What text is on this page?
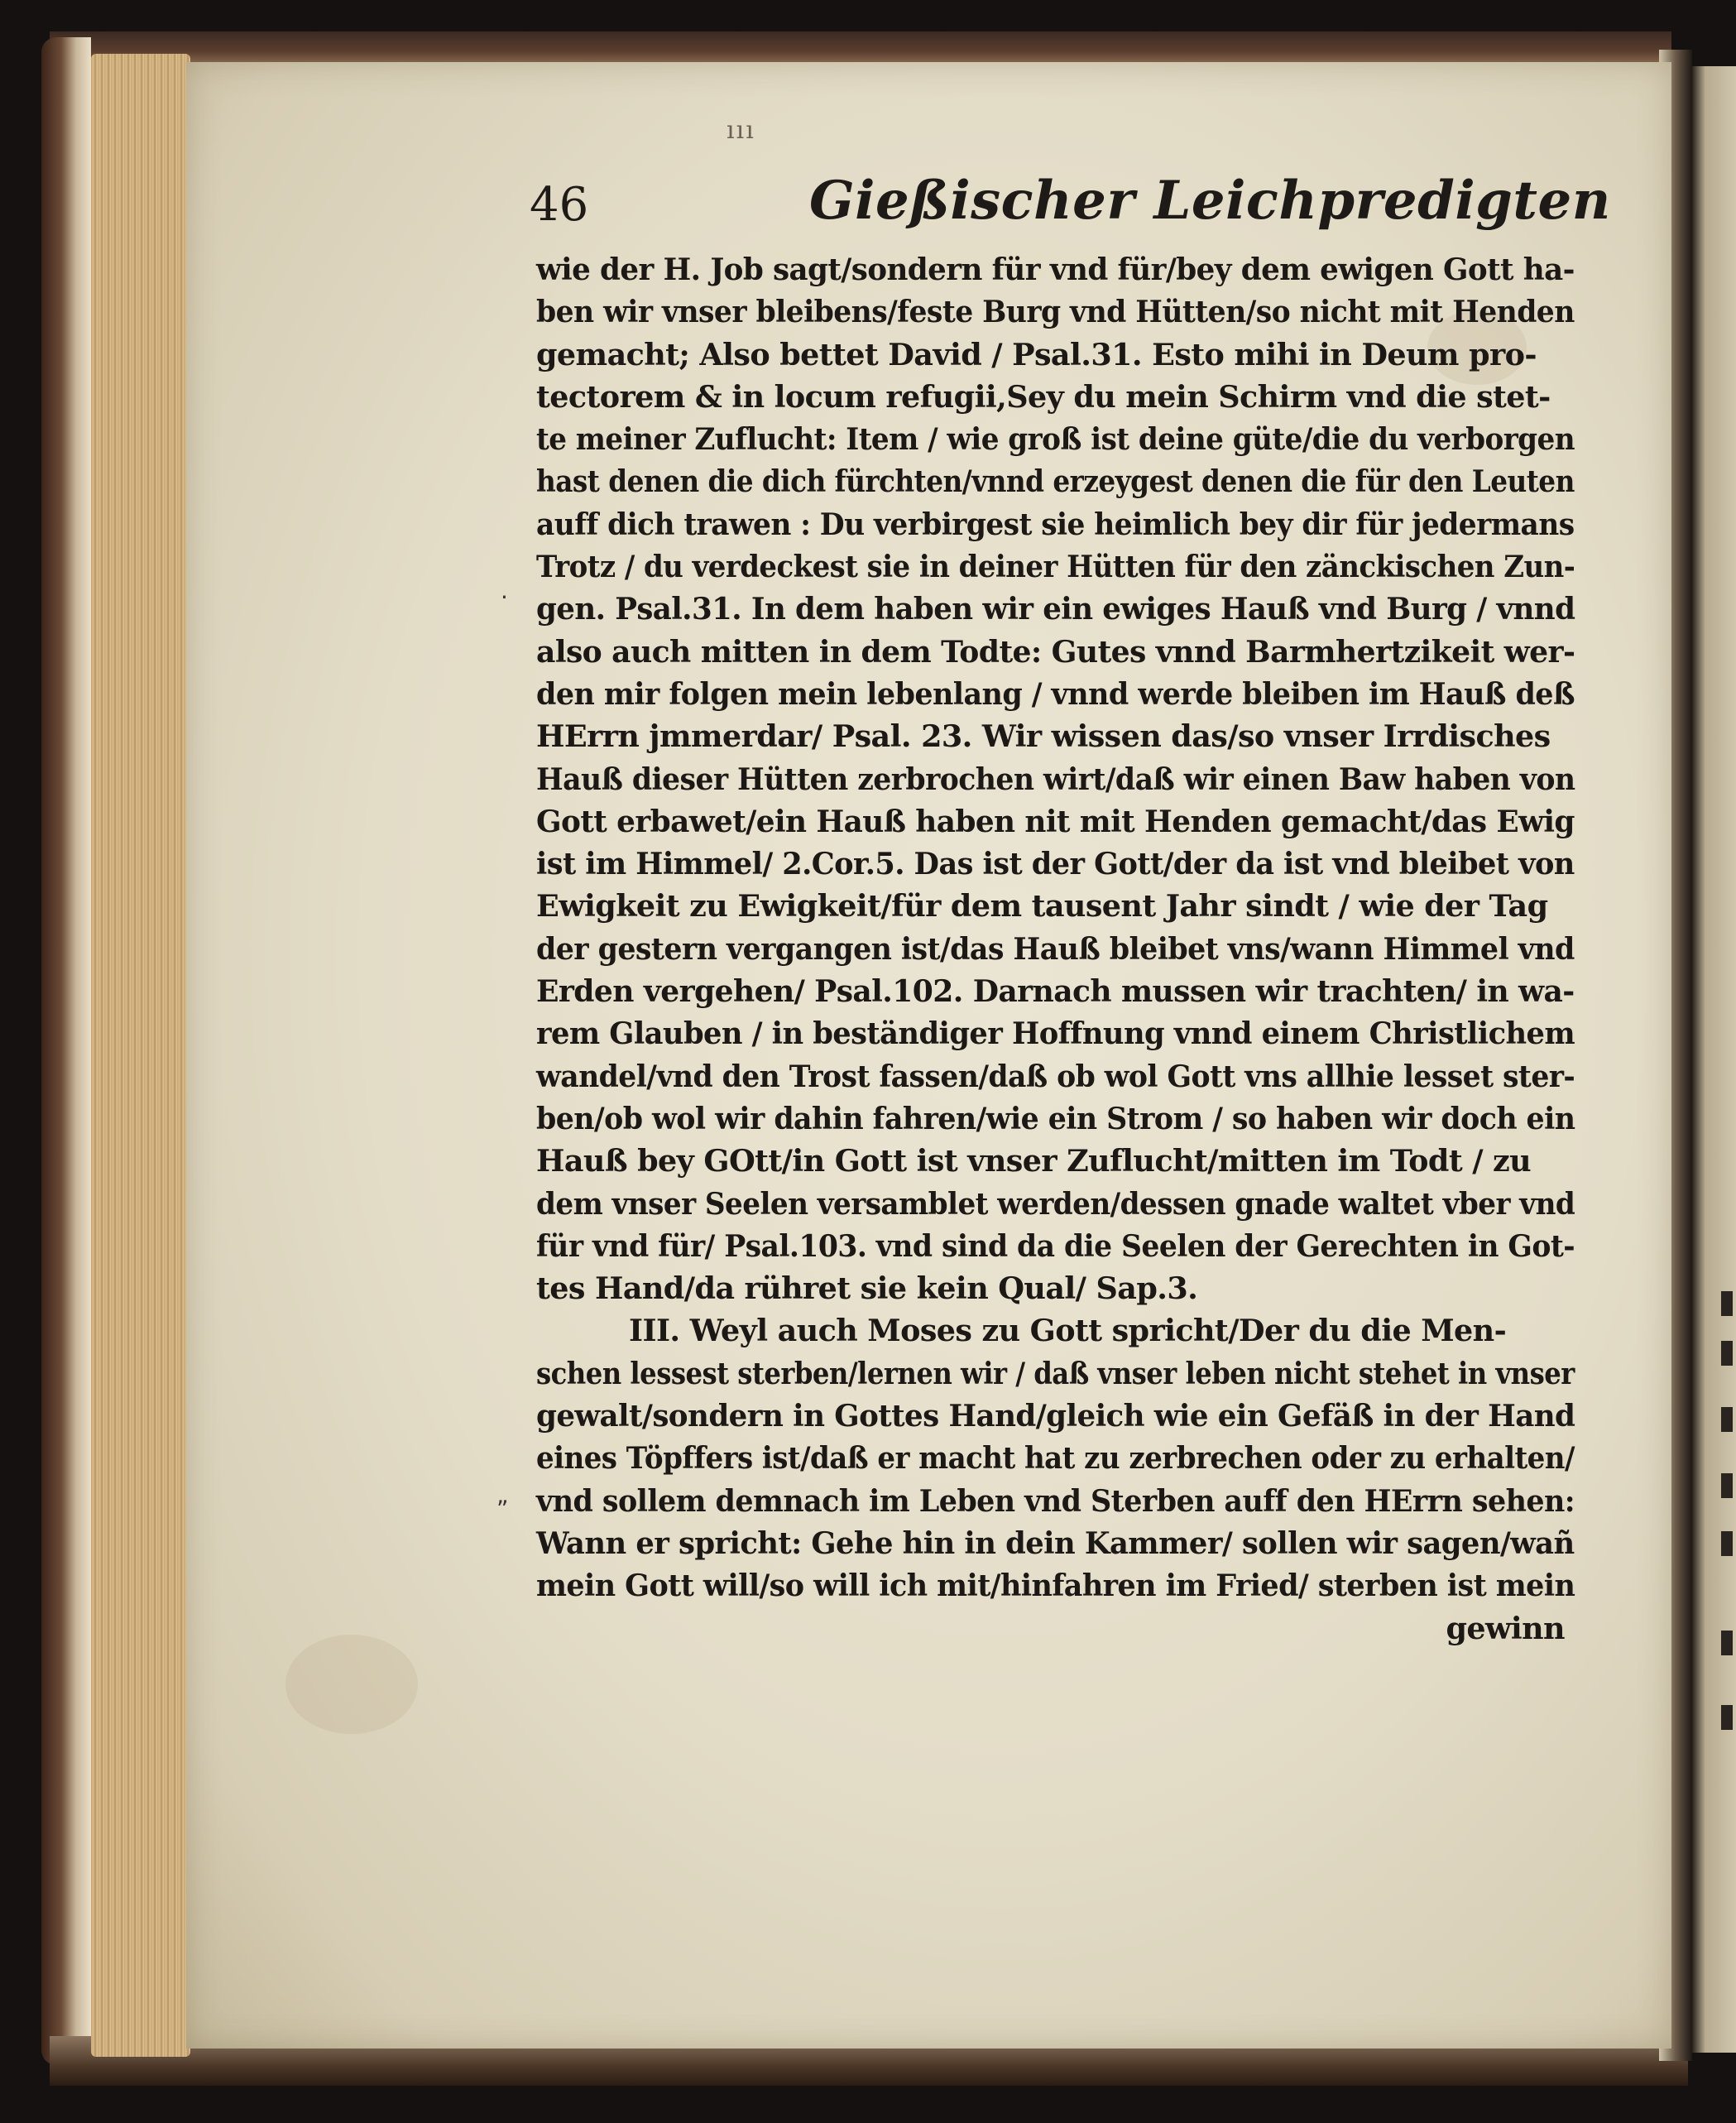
ııı
46	Gießischer Leichpredigten
„
·
wie der H. Job sagt/sondern für vnd für/bey dem ewigen Gott ha-
ben wir vnser bleibens/feste Burg vnd Hütten/so nicht mit Henden
gemacht; Also bettet David / Psal.31. Esto mihi in Deum pro-
tectorem & in locum refugii,Sey du mein Schirm vnd die stet-
te meiner Zuflucht: Item / wie groß ist deine güte/die du verborgen
hast denen die dich fürchten/vnnd erzeygest denen die für den Leuten
auff dich trawen : Du verbirgest sie heimlich bey dir für jedermans
Trotz / du verdeckest sie in deiner Hütten für den zänckischen Zun-
gen. Psal.31. In dem haben wir ein ewiges Hauß vnd Burg / vnnd
also auch mitten in dem Todte: Gutes vnnd Barmhertzikeit wer-
den mir folgen mein lebenlang / vnnd werde bleiben im Hauß deß
HErrn jmmerdar/ Psal. 23. Wir wissen das/so vnser Irrdisches
Hauß dieser Hütten zerbrochen wirt/daß wir einen Baw haben von
Gott erbawet/ein Hauß haben nit mit Henden gemacht/das Ewig
ist im Himmel/ 2.Cor.5. Das ist der Gott/der da ist vnd bleibet von
Ewigkeit zu Ewigkeit/für dem tausent Jahr sindt / wie der Tag
der gestern vergangen ist/das Hauß bleibet vns/wann Himmel vnd
Erden vergehen/ Psal.102. Darnach mussen wir trachten/ in wa-
rem Glauben / in beständiger Hoffnung vnnd einem Christlichem
wandel/vnd den Trost fassen/daß ob wol Gott vns allhie lesset ster-
ben/ob wol wir dahin fahren/wie ein Strom / so haben wir doch ein
Hauß bey GOtt/in Gott ist vnser Zuflucht/mitten im Todt / zu
dem vnser Seelen versamblet werden/dessen gnade waltet vber vnd
für vnd für/ Psal.103. vnd sind da die Seelen der Gerechten in Got-
tes Hand/da rühret sie kein Qual/ Sap.3.
III. Weyl auch Moses zu Gott spricht/Der du die Men-
schen lessest sterben/lernen wir / daß vnser leben nicht stehet in vnser
gewalt/sondern in Gottes Hand/gleich wie ein Gefäß in der Hand
eines Töpffers ist/daß er macht hat zu zerbrechen oder zu erhalten/
vnd sollem demnach im Leben vnd Sterben auff den HErrn sehen:
Wann er spricht: Gehe hin in dein Kammer/ sollen wir sagen/wañ
mein Gott will/so will ich mit/hinfahren im Fried/ sterben ist mein
gewinn
